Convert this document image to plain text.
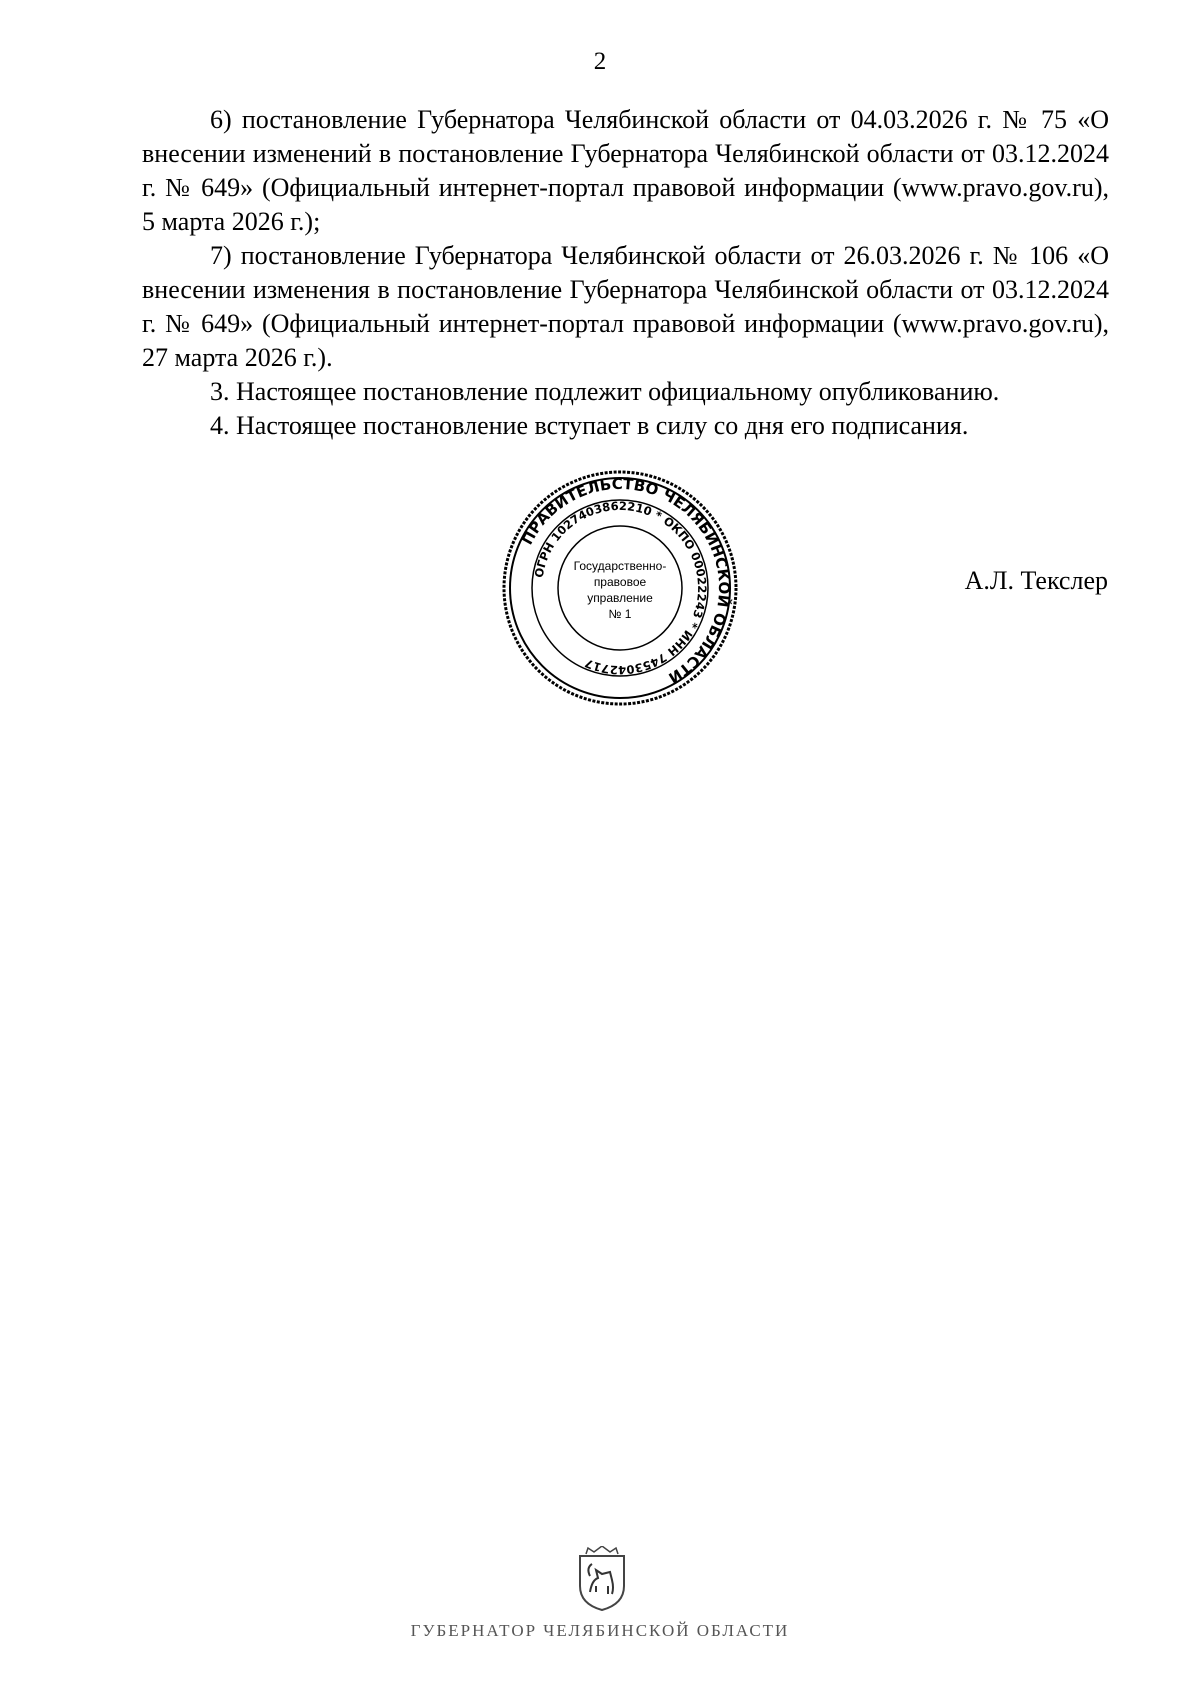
2

6) постановление Губернатора Челябинской области от 04.03.2026 г. № 75 «О внесении изменений в постановление Губернатора Челябинской области от 03.12.2024 г. № 649» (Официальный интернет-портал правовой информации (www.pravo.gov.ru), 5 марта 2026 г.);

7) постановление Губернатора Челябинской области от 26.03.2026 г. № 106 «О внесении изменения в постановление Губернатора Челябинской области от 03.12.2024 г. № 649» (Официальный интернет-портал правовой информации (www.pravo.gov.ru), 27 марта 2026 г.).

3. Настоящее постановление подлежит официальному опубликованию.

4. Настоящее постановление вступает в силу со дня его подписания.

ПРАВИТЕЛЬСТВО ЧЕЛЯБИНСКОЙ ОБЛАСТИ
ОГРН 1027403862210 * ОКПО 00022243 * ИНН 7453042717
Государственно-
правовое
управление
№ 1
А.Л. Текслер
ГУБЕРНАТОР ЧЕЛЯБИНСКОЙ ОБЛАСТИ
